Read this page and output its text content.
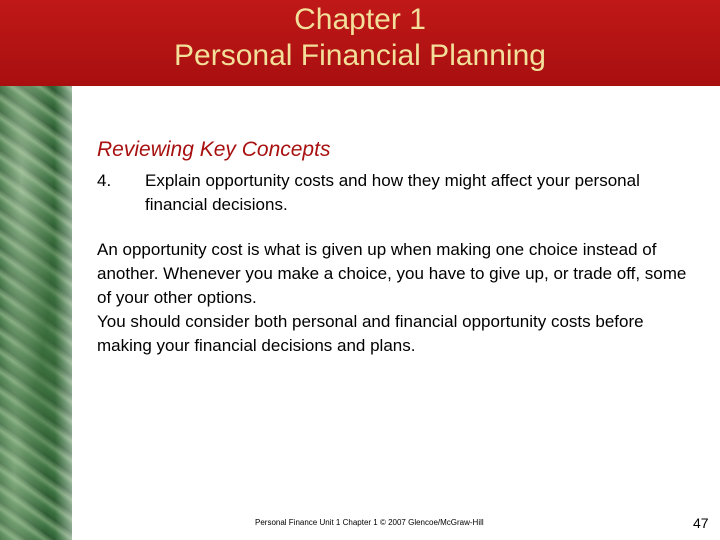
Chapter 1
Personal Financial Planning
Reviewing Key Concepts
4. Explain opportunity costs and how they might affect your personal financial decisions.

An opportunity cost is what is given up when making one choice instead of another. Whenever you make a choice, you have to give up, or trade off, some of your other options.

You should consider both personal and financial opportunity costs before making your financial decisions and plans.

Personal Finance Unit 1 Chapter 1 © 2007 Glencoe/McGraw-Hill	47
